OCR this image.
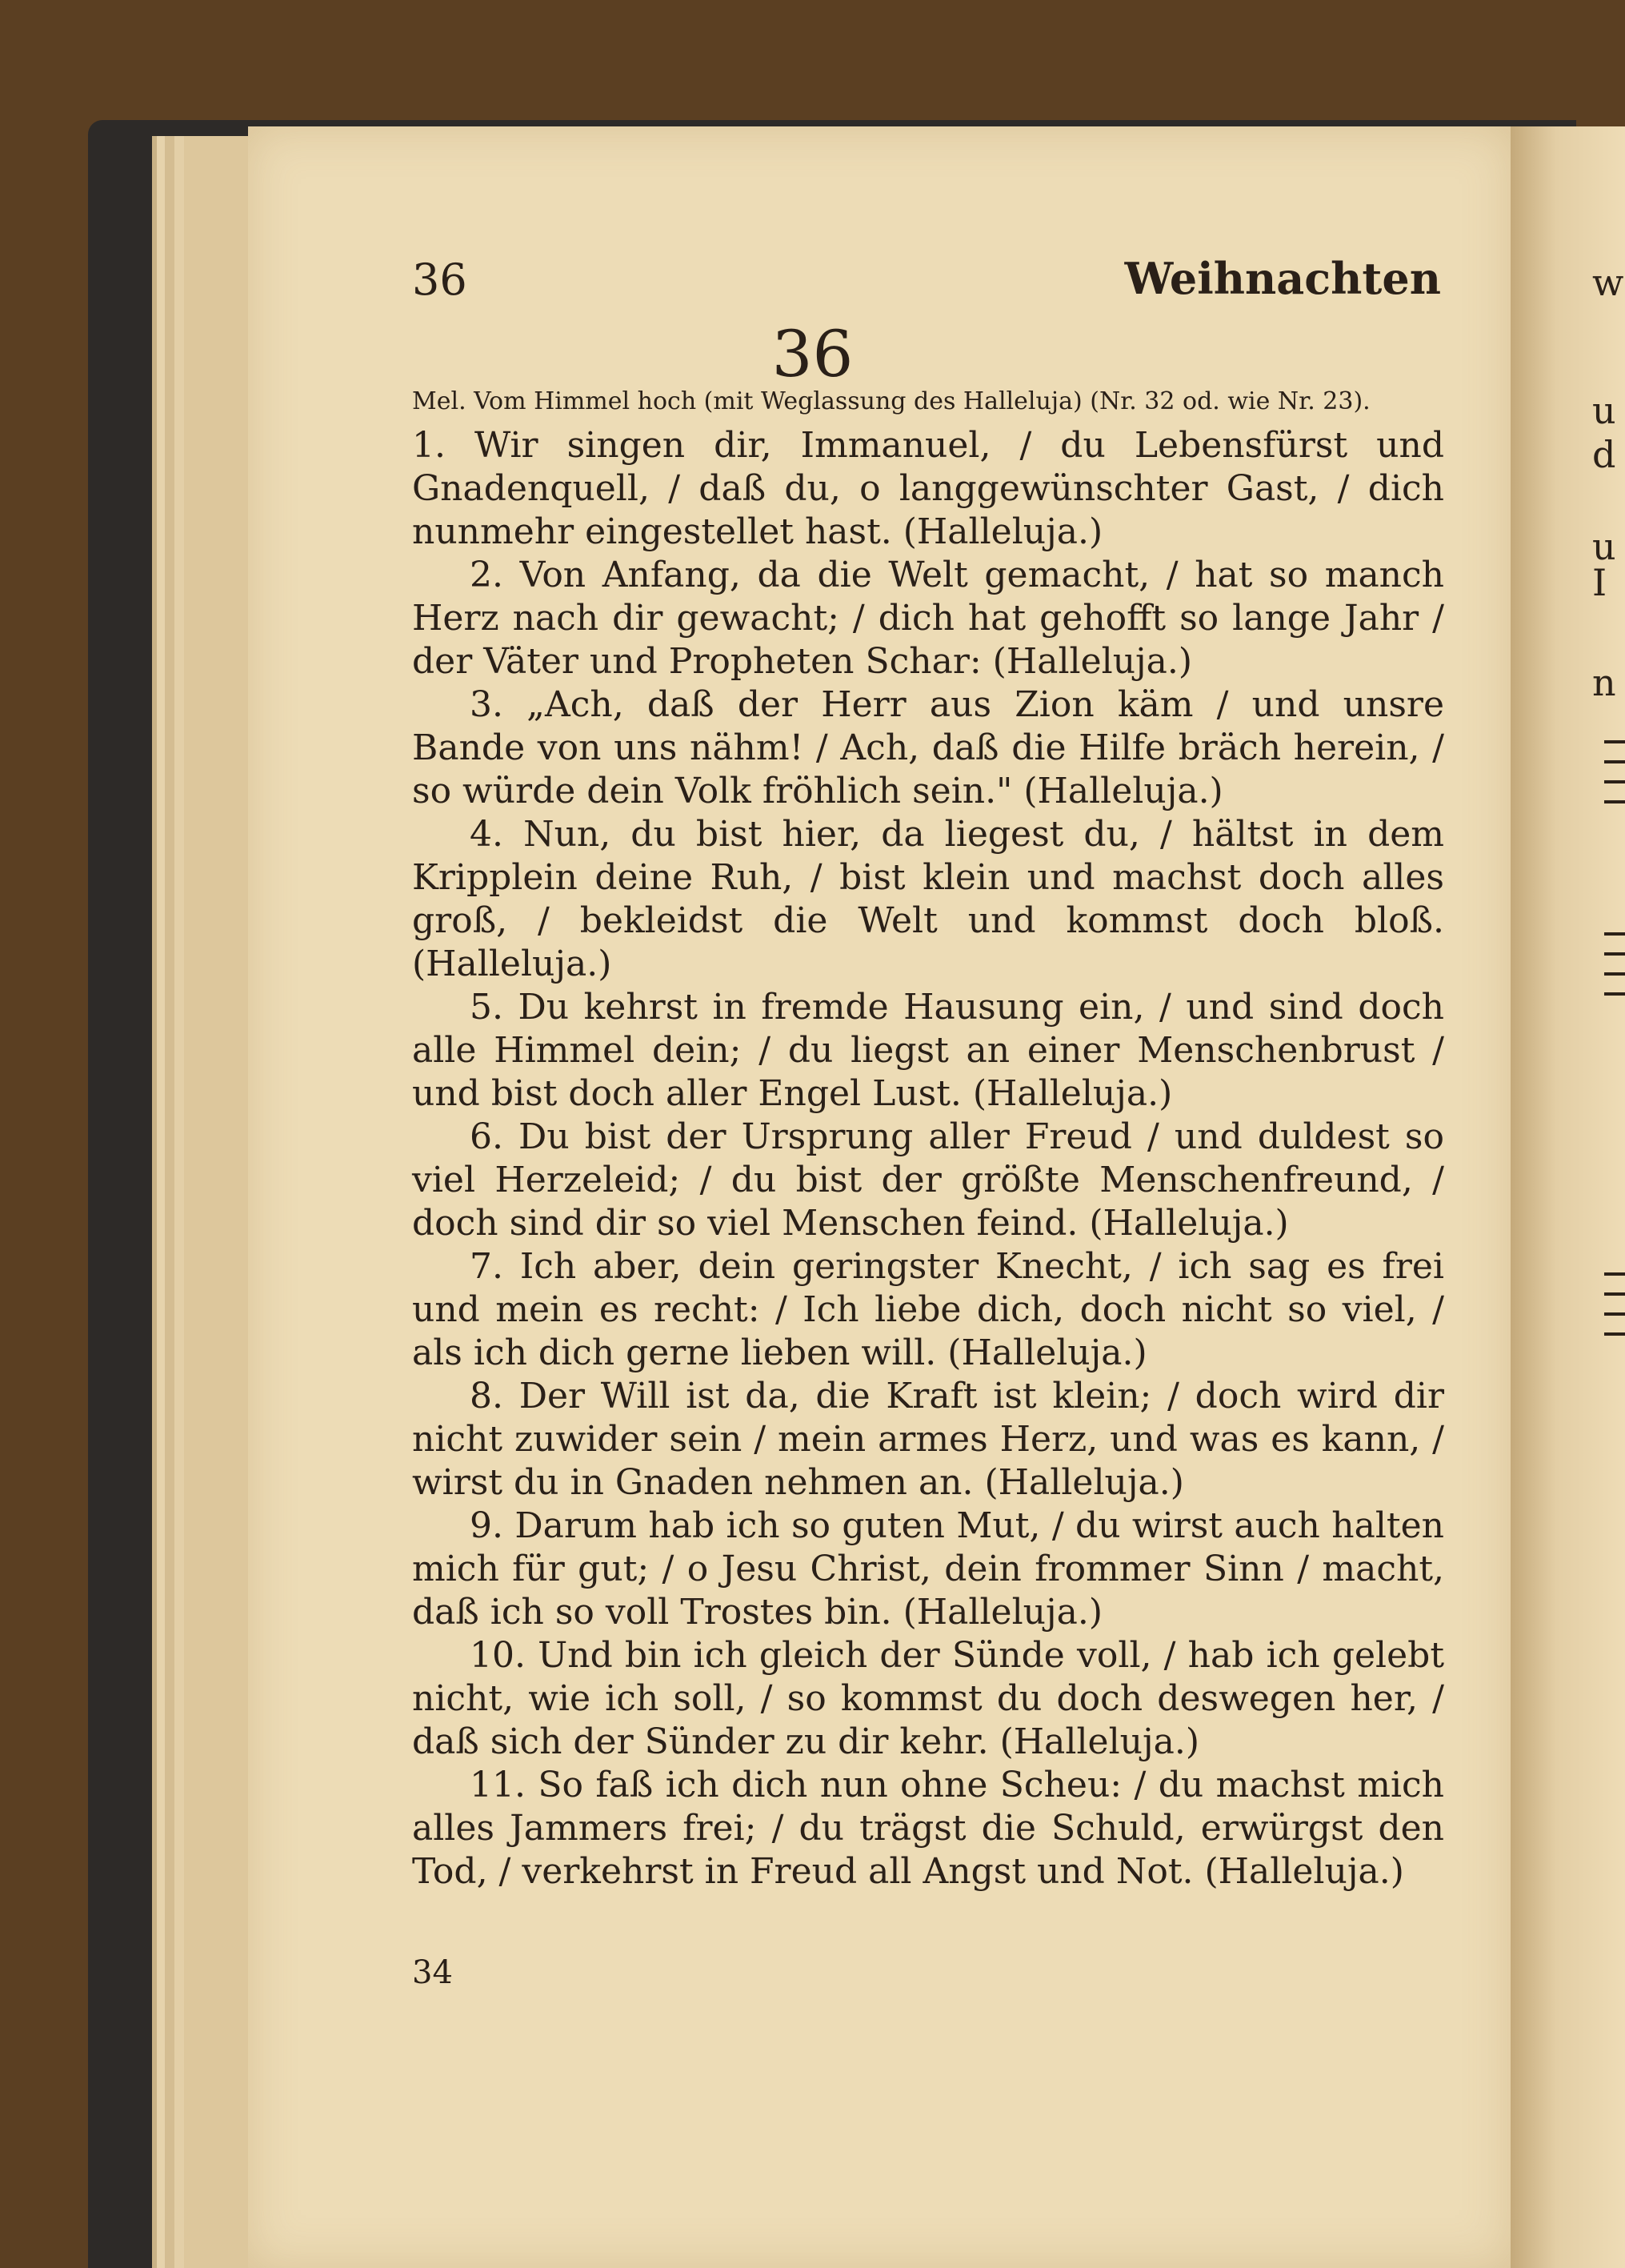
w
u
d
u
I
n
36	Weihnachten
36
Mel. Vom Himmel hoch (mit Weglassung des Halleluja) (Nr. 32 od. wie Nr. 23).

1. Wir singen dir, Immanuel, / du Lebensfürst und Gnadenquell, / daß du, o langgewünschter Gast, / dich nunmehr eingestellet hast. (Halleluja.)

2. Von Anfang, da die Welt gemacht, / hat so manch Herz nach dir gewacht; / dich hat gehofft so lange Jahr / der Väter und Propheten Schar: (Halleluja.)

3. „Ach, daß der Herr aus Zion käm / und unsre Bande von uns nähm! / Ach, daß die Hilfe bräch herein, / so würde dein Volk fröhlich sein." (Halleluja.)

4. Nun, du bist hier, da liegest du, / hältst in dem Kripplein deine Ruh, / bist klein und machst doch alles groß, / bekleidst die Welt und kommst doch bloß. (Halleluja.)

5. Du kehrst in fremde Hausung ein, / und sind doch alle Himmel dein; / du liegst an einer Menschenbrust / und bist doch aller Engel Lust. (Halleluja.)

6. Du bist der Ursprung aller Freud / und duldest so viel Herzeleid; / du bist der größte Menschenfreund, / doch sind dir so viel Menschen feind. (Halleluja.)

7. Ich aber, dein geringster Knecht, / ich sag es frei und mein es recht: / Ich liebe dich, doch nicht so viel, / als ich dich gerne lieben will. (Halleluja.)

8. Der Will ist da, die Kraft ist klein; / doch wird dir nicht zuwider sein / mein armes Herz, und was es kann, / wirst du in Gnaden nehmen an. (Halleluja.)

9. Darum hab ich so guten Mut, / du wirst auch halten mich für gut; / o Jesu Christ, dein frommer Sinn / macht, daß ich so voll Trostes bin. (Halleluja.)

10. Und bin ich gleich der Sünde voll, / hab ich gelebt nicht, wie ich soll, / so kommst du doch deswegen her, / daß sich der Sünder zu dir kehr. (Halleluja.)

11. So faß ich dich nun ohne Scheu: / du machst mich alles Jammers frei; / du trägst die Schuld, erwürgst den Tod, / verkehrst in Freud all Angst und Not. (Halleluja.)

34
